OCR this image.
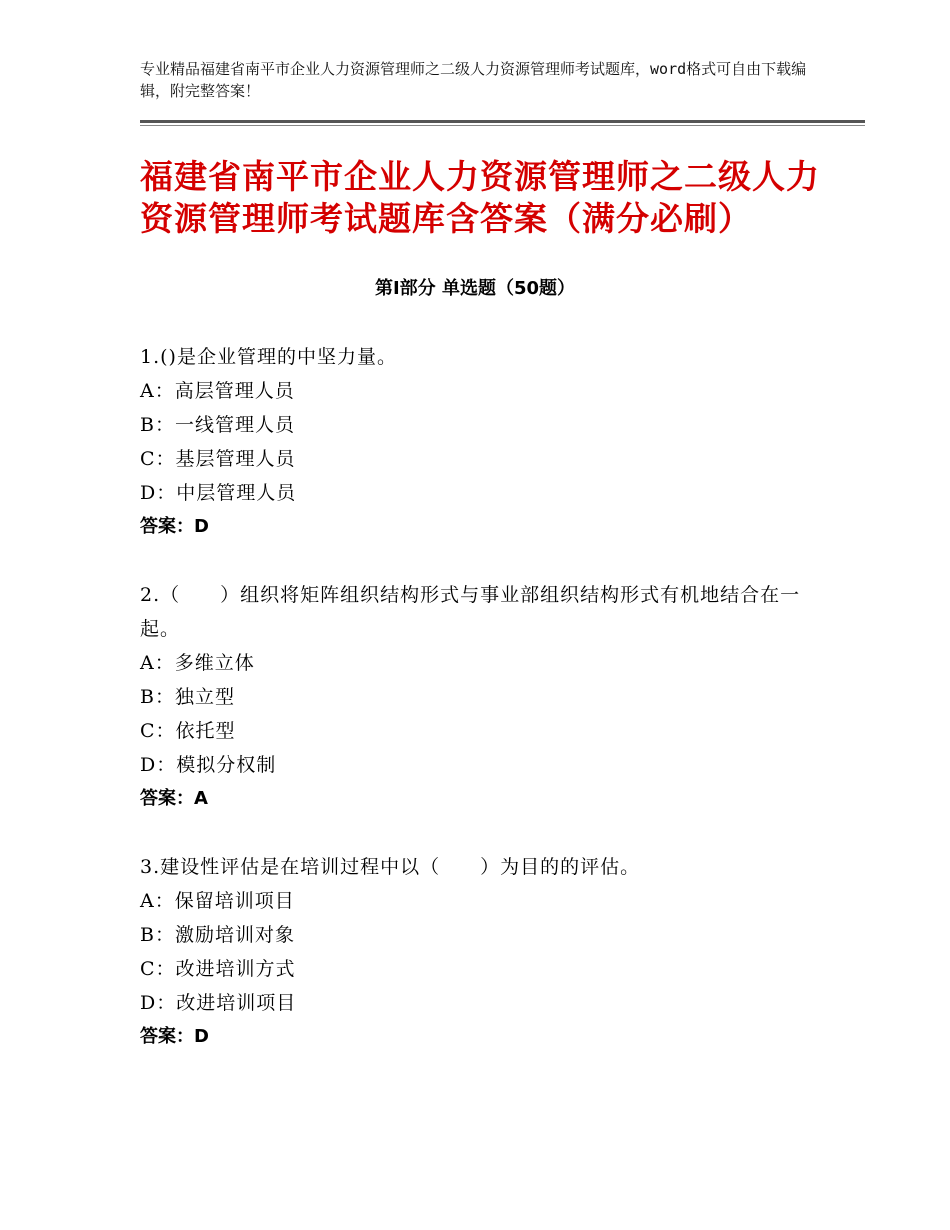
专业精品福建省南平市企业人力资源管理师之二级人力资源管理师考试题库，word格式可自由下载编辑，附完整答案！
福建省南平市企业人力资源管理师之二级人力资源管理师考试题库含答案（满分必刷）
第Ⅰ部分 单选题（50题）
1.()是企业管理的中坚力量。
A：高层管理人员
B：一线管理人员
C：基层管理人员
D：中层管理人员
答案：D
2.（　　）组织将矩阵组织结构形式与事业部组织结构形式有机地结合在一起。
A：多维立体
B：独立型
C：依托型
D：模拟分权制
答案：A
3.建设性评估是在培训过程中以（　　）为目的的评估。
A：保留培训项目
B：激励培训对象
C：改进培训方式
D：改进培训项目
答案：D
